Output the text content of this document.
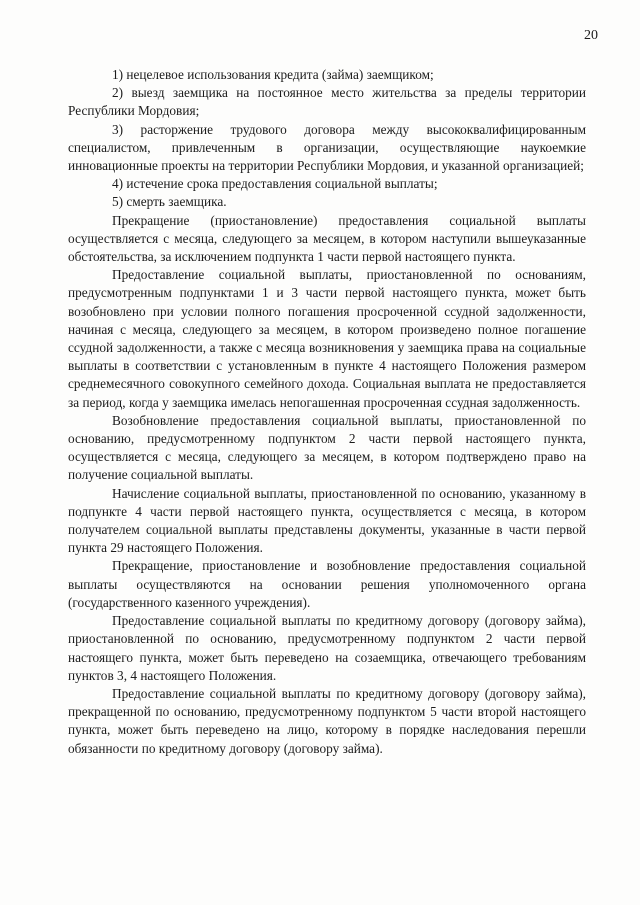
20

1) нецелевое использования кредита (займа) заемщиком;

2) выезд заемщика на постоянное место жительства за пределы территории Республики Мордовия;

3) расторжение трудового договора между высококвалифицированным специалистом, привлеченным в организации, осуществляющие наукоемкие инновационные проекты на территории Республики Мордовия, и указанной организацией;

4) истечение срока предоставления социальной выплаты;

5) смерть заемщика.

Прекращение (приостановление) предоставления социальной выплаты осуществляется с месяца, следующего за месяцем, в котором наступили вышеуказанные обстоятельства, за исключением подпункта 1 части первой настоящего пункта.

Предоставление социальной выплаты, приостановленной по основаниям, предусмотренным подпунктами 1 и 3 части первой настоящего пункта, может быть возобновлено при условии полного погашения просроченной ссудной задолженности, начиная с месяца, следующего за месяцем, в котором произведено полное погашение ссудной задолженности, а также с месяца возникновения у заемщика права на социальные выплаты в соответствии с установленным в пункте 4 настоящего Положения размером среднемесячного совокупного семейного дохода. Социальная выплата не предоставляется за период, когда у заемщика имелась непогашенная просроченная ссудная задолженность.

Возобновление предоставления социальной выплаты, приостановленной по основанию, предусмотренному подпунктом 2 части первой настоящего пункта, осуществляется с месяца, следующего за месяцем, в котором подтверждено право на получение социальной выплаты.

Начисление социальной выплаты, приостановленной по основанию, указанному в подпункте 4 части первой настоящего пункта, осуществляется с месяца, в котором получателем социальной выплаты представлены документы, указанные в части первой пункта 29 настоящего Положения.

Прекращение, приостановление и возобновление предоставления социальной выплаты осуществляются на основании решения уполномоченного органа (государственного казенного учреждения).

Предоставление социальной выплаты по кредитному договору (договору займа), приостановленной по основанию, предусмотренному подпунктом 2 части первой настоящего пункта, может быть переведено на созаемщика, отвечающего требованиям пунктов 3, 4 настоящего Положения.

Предоставление социальной выплаты по кредитному договору (договору займа), прекращенной по основанию, предусмотренному подпунктом 5 части второй настоящего пункта, может быть переведено на лицо, которому в порядке наследования перешли обязанности по кредитному договору (договору займа).
